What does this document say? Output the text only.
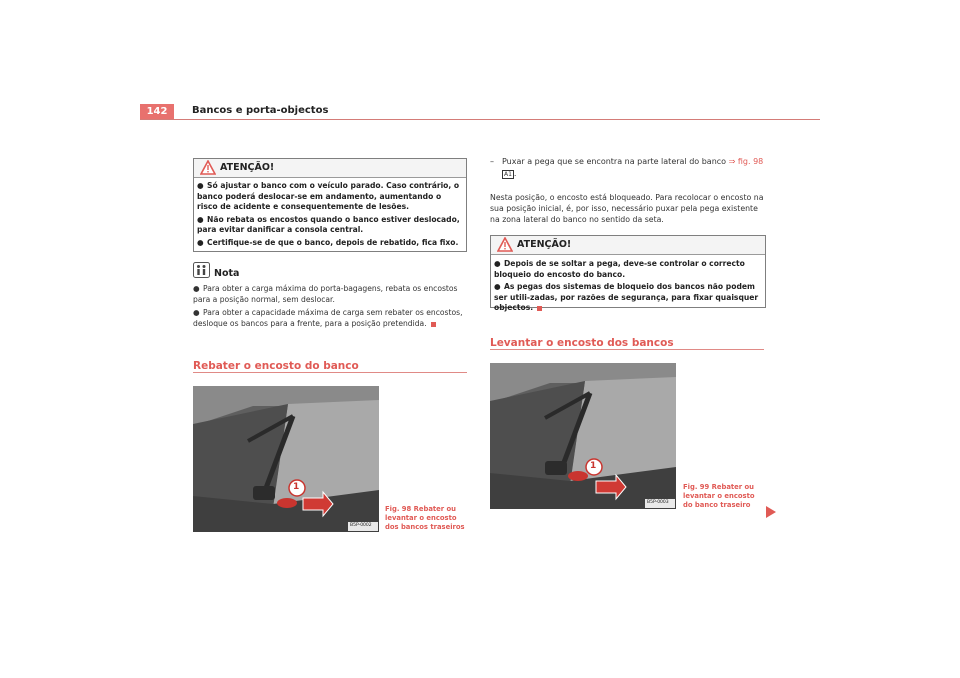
142	Bancos e porta-objectos
ATENÇÃO!
● Só ajustar o banco com o veículo parado. Caso contrário, o banco poderá deslocar-se em andamento, aumentando o risco de acidente e consequentemente de lesões.
● Não rebata os encostos quando o banco estiver deslocado, para evitar danificar a consola central.
● Certifique-se de que o banco, depois de rebatido, fica fixo.
Nota
● Para obter a carga máxima do porta-bagagens, rebata os encostos para a posição normal, sem deslocar.
● Para obter a capacidade máxima de carga sem rebater os encostos, desloque os bancos para a frente, para a posição pretendida.
Rebater o encosto do banco
1
B5P-0002
Fig. 98 Rebater ou levantar o encosto dos bancos traseiros
– Puxar a pega que se encontra na parte lateral do banco ⇒ fig. 98
A1 .
Nesta posição, o encosto está bloqueado. Para recolocar o encosto na sua posição inicial, é, por isso, necessário puxar pela pega existente na zona lateral do banco no sentido da seta.
ATENÇÃO!
● Depois de se soltar a pega, deve-se controlar o correcto bloqueio do encosto do banco.
● As pegas dos sistemas de bloqueio dos bancos não podem ser utili-zadas, por razões de segurança, para fixar quaisquer objectos.
Levantar o encosto dos bancos
1
B5P-0003
Fig. 99 Rebater ou levantar o encosto do banco traseiro
